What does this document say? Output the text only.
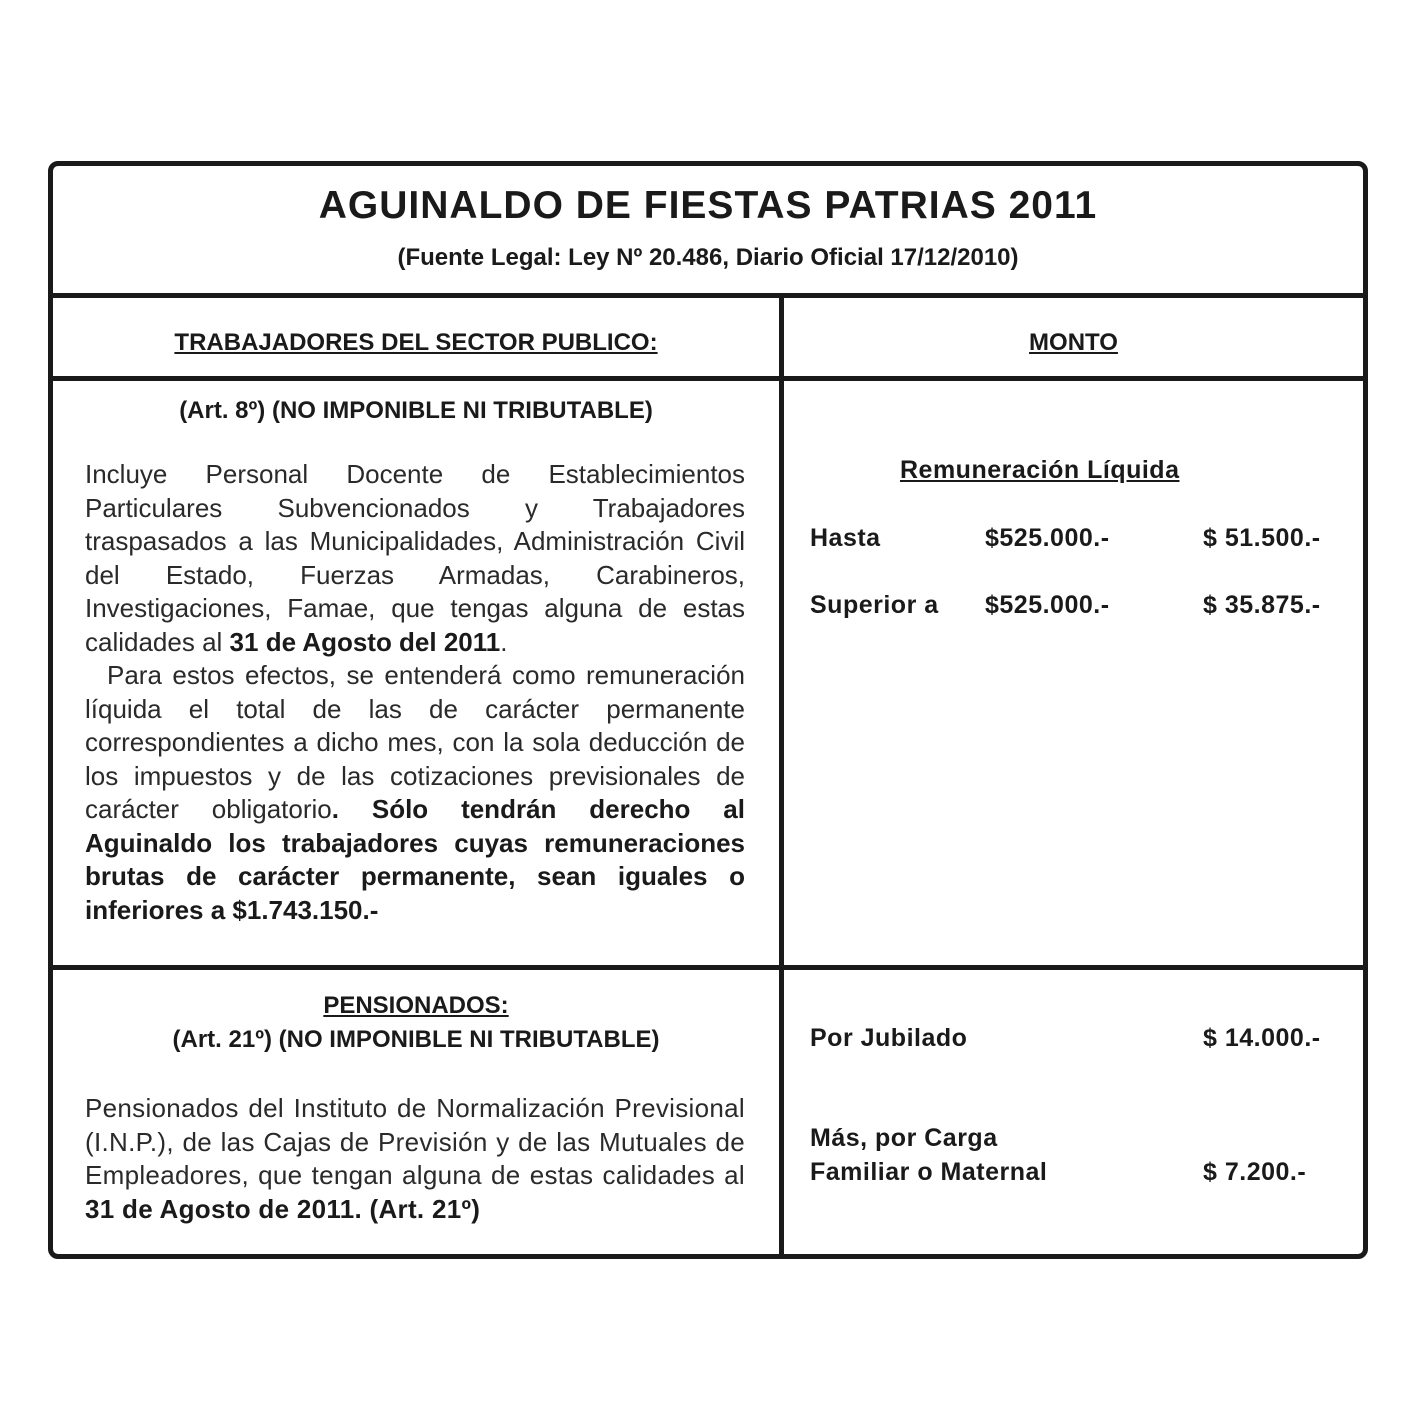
AGUINALDO DE FIESTAS PATRIAS 2011
(Fuente Legal: Ley Nº 20.486, Diario Oficial 17/12/2010)
TRABAJADORES DEL SECTOR PUBLICO:	MONTO
(Art. 8º) (NO IMPONIBLE NI TRIBUTABLE)
Incluye Personal Docente de Establecimientos Particulares Subvencionados y Trabajadores traspasados a las Municipalidades, Administración Civil del Estado, Fuerzas Armadas, Carabineros, Investigaciones, Famae, que tengas alguna de estas calidades al 31 de Agosto del 2011.
Para estos efectos, se entenderá como remuneración líquida el total de las de carácter permanente correspondientes a dicho mes, con la sola deducción de los impuestos y de las cotizaciones previsionales de carácter obligatorio. Sólo tendrán derecho al Aguinaldo los trabajadores cuyas remuneraciones brutas de carácter permanente, sean iguales o inferiores a $1.743.150.-
Remuneración Líquida
Hasta	$525.000.-	$ 51.500.-
Superior a $525.000.-	$ 35.875.-
PENSIONADOS:
(Art. 21º) (NO IMPONIBLE NI TRIBUTABLE)
Pensionados del Instituto de Normalización Previsional (I.N.P.), de las Cajas de Previsión y de las Mutuales de Empleadores, que tengan alguna de estas calidades al 31 de Agosto de 2011. (Art. 21º)
Por Jubilado	$ 14.000.-
Más, por Carga
Familiar o Maternal	$ 7.200.-
